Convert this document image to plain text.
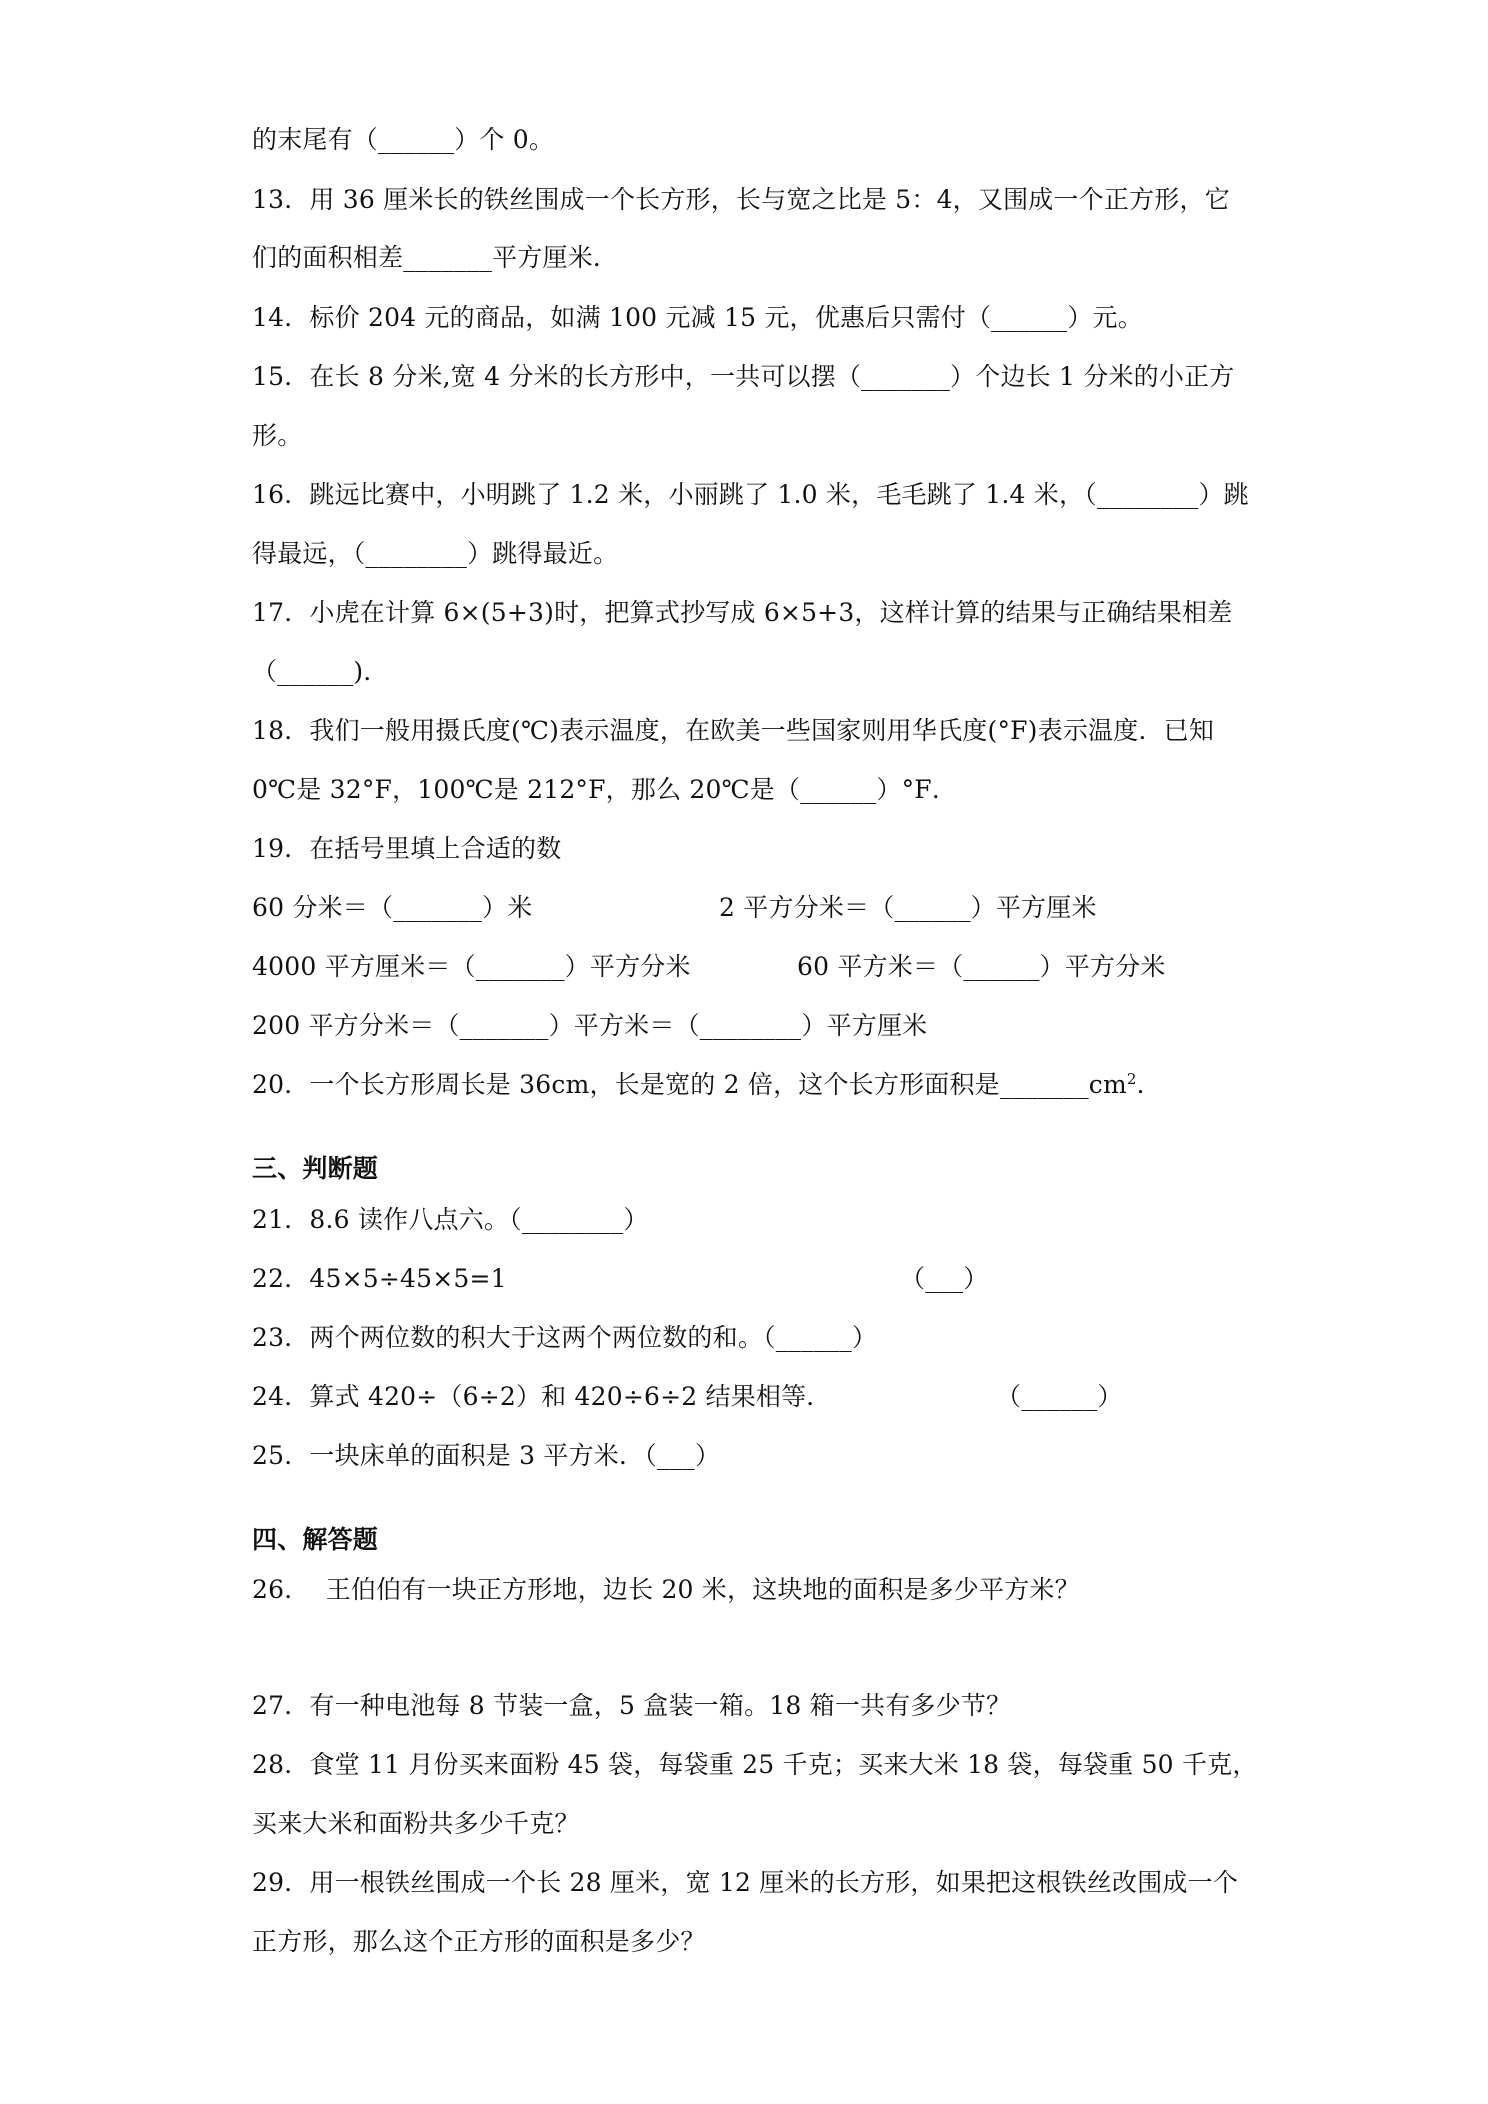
的末尾有（______）个 0。
13．用 36 厘米长的铁丝围成一个长方形，长与宽之比是 5：4，又围成一个正方形，它
们的面积相差_______平方厘米．
14．标价 204 元的商品，如满 100 元减 15 元，优惠后只需付（______）元。
15．在长 8 分米,宽 4 分米的长方形中，一共可以摆（_______）个边长 1 分米的小正方
形。
16．跳远比赛中，小明跳了 1.2 米，小丽跳了 1.0 米，毛毛跳了 1.4 米，（________）跳
得最远，（________）跳得最近。
17．小虎在计算 6×(5+3)时，把算式抄写成 6×5+3，这样计算的结果与正确结果相差
（______)．
18．我们一般用摄氏度(℃)表示温度，在欧美一些国家则用华氏度(°F)表示温度．已知
0℃是 32°F，100℃是 212°F，那么 20℃是（______）°F．
19．在括号里填上合适的数
60 分米＝（_______）米	2 平方分米＝（______）平方厘米
4000 平方厘米＝（_______）平方分米	60 平方米＝（______）平方分米
200 平方分米＝（_______）平方米＝（________）平方厘米
20．一个长方形周长是 36cm，长是宽的 2 倍，这个长方形面积是$\_\_\_\_\_\_\_cm^2$．
三、判断题
21．8.6 读作八点六。（________）
22．45×5÷45×5=1	（___）
23．两个两位数的积大于这两个两位数的和。（______）
24．算式 420÷（6÷2）和 420÷6÷2 结果相等．	（______）
25．一块床单的面积是 3 平方米．（___）
四、解答题
26．  王伯伯有一块正方形地，边长 20 米，这块地的面积是多少平方米？
27．有一种电池每 8 节装一盒，5 盒装一箱。18 箱一共有多少节？
28．食堂 11 月份买来面粉 45 袋，每袋重 25 千克；买来大米 18 袋，每袋重 50 千克，
买来大米和面粉共多少千克？
29．用一根铁丝围成一个长 28 厘米，宽 12 厘米的长方形，如果把这根铁丝改围成一个
正方形，那么这个正方形的面积是多少？
